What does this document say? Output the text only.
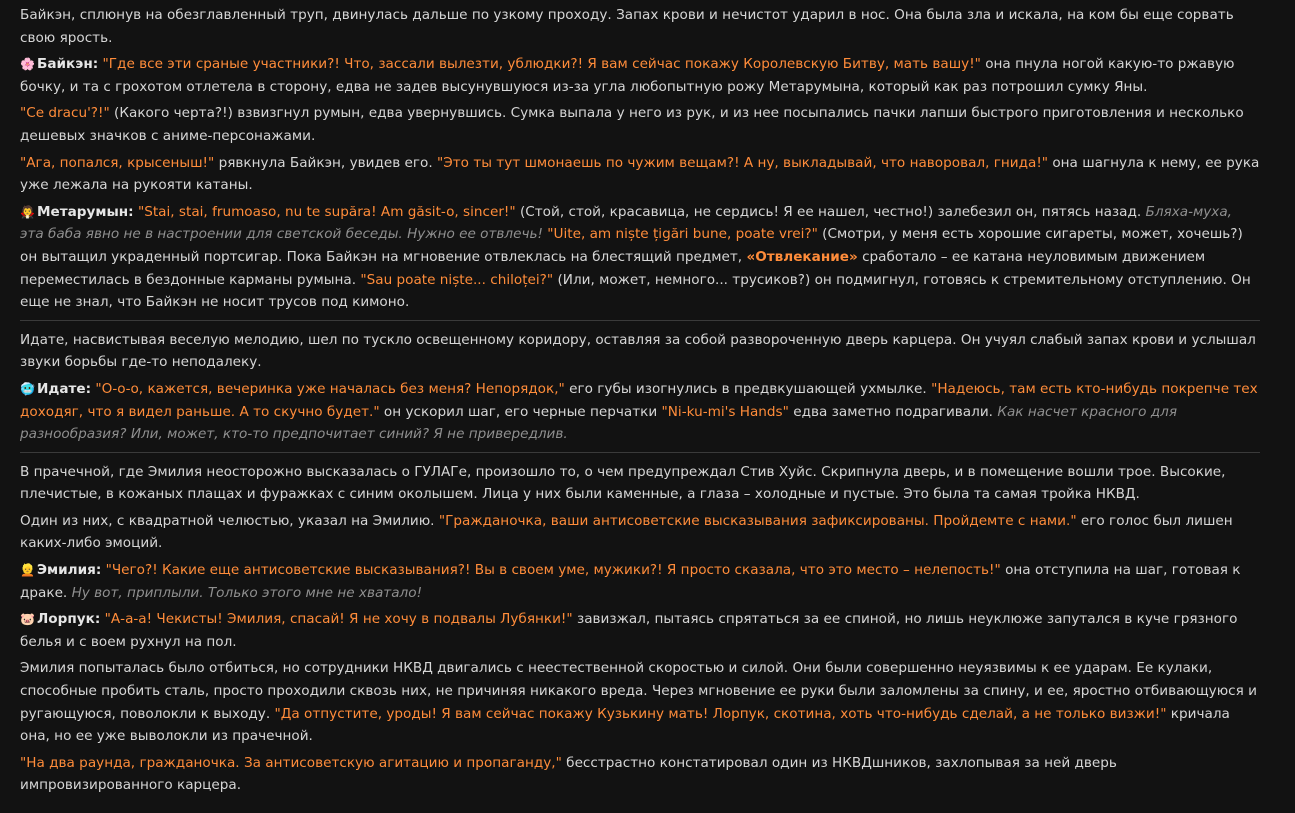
Байкэн, сплюнув на обезглавленный труп, двинулась дальше по узкому проходу. Запах крови и нечистот ударил в нос. Она была зла и искала, на ком бы еще сорвать свою ярость.

🌸 Байкэн: "Где все эти сраные участники?! Что, зассали вылезти, ублюдки?! Я вам сейчас покажу Королевскую Битву, мать вашу!" она пнула ногой какую-то ржавую бочку, и та с грохотом отлетела в сторону, едва не задев высунувшуюся из-за угла любопытную рожу Метарумына, который как раз потрошил сумку Яны.

"Ce dracu'?!" (Какого черта?!) взвизгнул румын, едва увернувшись. Сумка выпала у него из рук, и из нее посыпались пачки лапши быстрого приготовления и несколько дешевых значков с аниме-персонажами.

"Ага, попался, крысеныш!" рявкнула Байкэн, увидев его. "Это ты тут шмонаешь по чужим вещам?! А ну, выкладывай, что наворовал, гнида!" она шагнула к нему, ее рука уже лежала на рукояти катаны.

🧛 Метарумын: "Stai, stai, frumoaso, nu te supăra! Am găsit-o, sincer!" (Стой, стой, красавица, не сердись! Я ее нашел, честно!) залебезил он, пятясь назад. Бляха-муха, эта баба явно не в настроении для светской беседы. Нужно ее отвлечь! "Uite, am niște țigări bune, poate vrei?" (Смотри, у меня есть хорошие сигареты, может, хочешь?) он вытащил украденный портсигар. Пока Байкэн на мгновение отвлеклась на блестящий предмет, «Отвлекание» сработало – ее катана неуловимым движением переместилась в бездонные карманы румына. "Sau poate niște... chiloței?" (Или, может, немного... трусиков?) он подмигнул, готовясь к стремительному отступлению. Он еще не знал, что Байкэн не носит трусов под кимоно.

Идате, насвистывая веселую мелодию, шел по тускло освещенному коридору, оставляя за собой развороченную дверь карцера. Он учуял слабый запах крови и услышал звуки борьбы где-то неподалеку.

🥶 Идате: "О-о-о, кажется, вечеринка уже началась без меня? Непорядок," его губы изогнулись в предвкушающей ухмылке. "Надеюсь, там есть кто-нибудь покрепче тех доходяг, что я видел раньше. А то скучно будет." он ускорил шаг, его черные перчатки "Ni-ku-mi's Hands" едва заметно подрагивали. Как насчет красного для разнообразия? Или, может, кто-то предпочитает синий? Я не привередлив.

В прачечной, где Эмилия неосторожно высказалась о ГУЛАГе, произошло то, о чем предупреждал Стив Хуйс. Скрипнула дверь, и в помещение вошли трое. Высокие, плечистые, в кожаных плащах и фуражках с синим околышем. Лица у них были каменные, а глаза – холодные и пустые. Это была та самая тройка НКВД.

Один из них, с квадратной челюстью, указал на Эмилию. "Гражданочка, ваши антисоветские высказывания зафиксированы. Пройдемте с нами." его голос был лишен каких-либо эмоций.

👱 Эмилия: "Чего?! Какие еще антисоветские высказывания?! Вы в своем уме, мужики?! Я просто сказала, что это место – нелепость!" она отступила на шаг, готовая к драке. Ну вот, приплыли. Только этого мне не хватало!

🐷 Лорпук: "А-а-а! Чекисты! Эмилия, спасай! Я не хочу в подвалы Лубянки!" завизжал, пытаясь спрятаться за ее спиной, но лишь неуклюже запутался в куче грязного белья и с воем рухнул на пол.

Эмилия попыталась было отбиться, но сотрудники НКВД двигались с неестественной скоростью и силой. Они были совершенно неуязвимы к ее ударам. Ее кулаки, способные пробить сталь, просто проходили сквозь них, не причиняя никакого вреда. Через мгновение ее руки были заломлены за спину, и ее, яростно отбивающуюся и ругающуюся, поволокли к выходу. "Да отпустите, уроды! Я вам сейчас покажу Кузькину мать! Лорпук, скотина, хоть что-нибудь сделай, а не только визжи!" кричала она, но ее уже выволокли из прачечной.

"На два раунда, гражданочка. За антисоветскую агитацию и пропаганду," бесстрастно констатировал один из НКВДшников, захлопывая за ней дверь импровизированного карцера.
